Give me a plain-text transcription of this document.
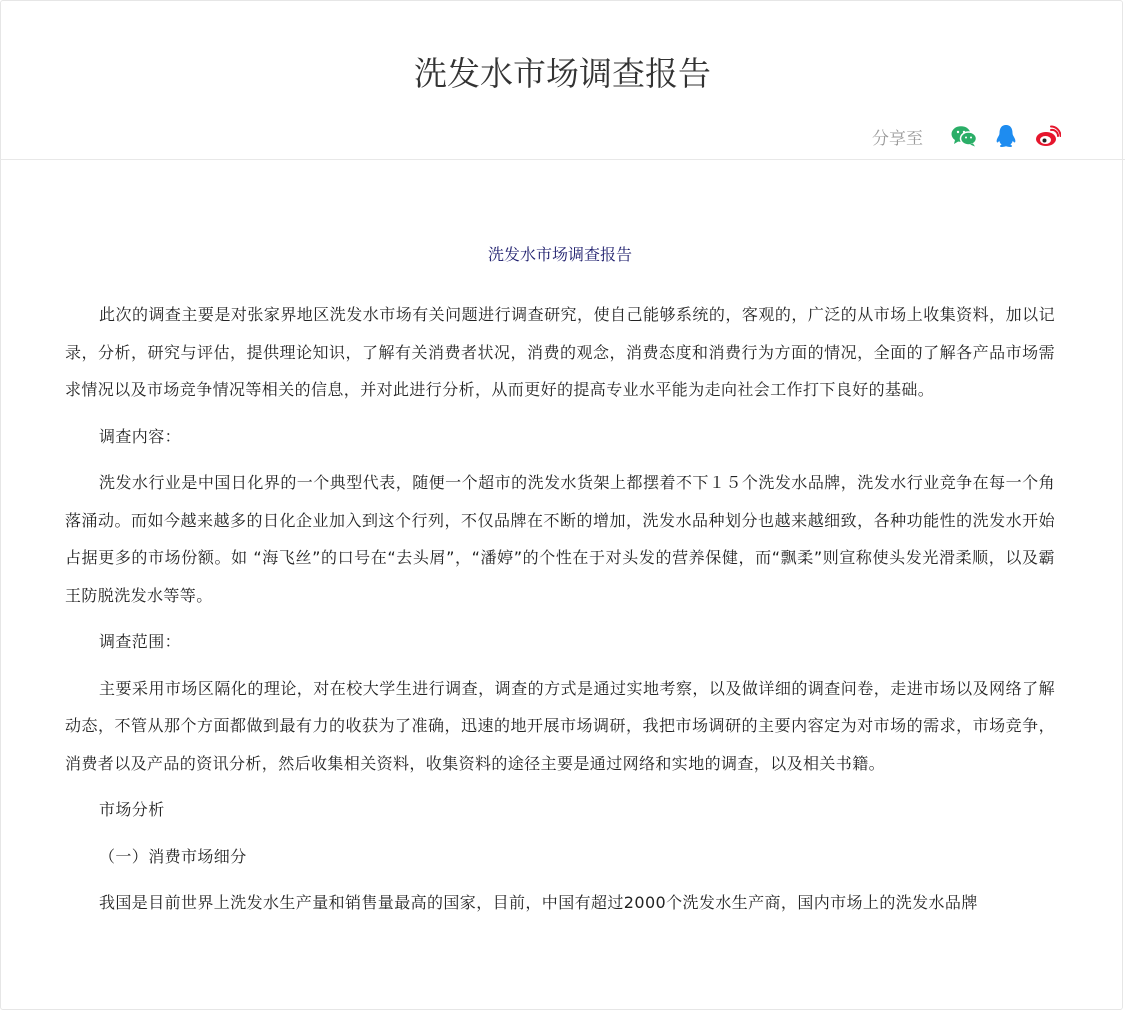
洗发水市场调查报告
分享至
洗发水市场调查报告

此次的调查主要是对张家界地区洗发水市场有关问题进行调查研究，使自己能够系统的，客观的，广泛的从市场上收集资料，加以记录，分析，研究与评估，提供理论知识，了解有关消费者状况，消费的观念，消费态度和消费行为方面的情况，全面的了解各产品市场需求情况以及市场竞争情况等相关的信息，并对此进行分析，从而更好的提高专业水平能为走向社会工作打下良好的基础。

调查内容：

洗发水行业是中国日化界的一个典型代表，随便一个超市的洗发水货架上都摆着不下１５个洗发水品牌，洗发水行业竞争在每一个角落涌动。而如今越来越多的日化企业加入到这个行列，不仅品牌在不断的增加，洗发水品种划分也越来越细致，各种功能性的洗发水开始占据更多的市场份额。如 “海飞丝”的口号在“去头屑”，“潘婷”的个性在于对头发的营养保健，而“飘柔”则宣称使头发光滑柔顺，以及霸王防脱洗发水等等。

调查范围：

主要采用市场区隔化的理论，对在校大学生进行调查，调查的方式是通过实地考察，以及做详细的调查问卷，走进市场以及网络了解动态，不管从那个方面都做到最有力的收获为了准确，迅速的地开展市场调研，我把市场调研的主要内容定为对市场的需求，市场竞争，消费者以及产品的资讯分析，然后收集相关资料，收集资料的途径主要是通过网络和实地的调查，以及相关书籍。

市场分析

（一）消费市场细分

我国是目前世界上洗发水生产量和销售量最高的国家，目前，中国有超过2000个洗发水生产商，国内市场上的洗发水品牌
